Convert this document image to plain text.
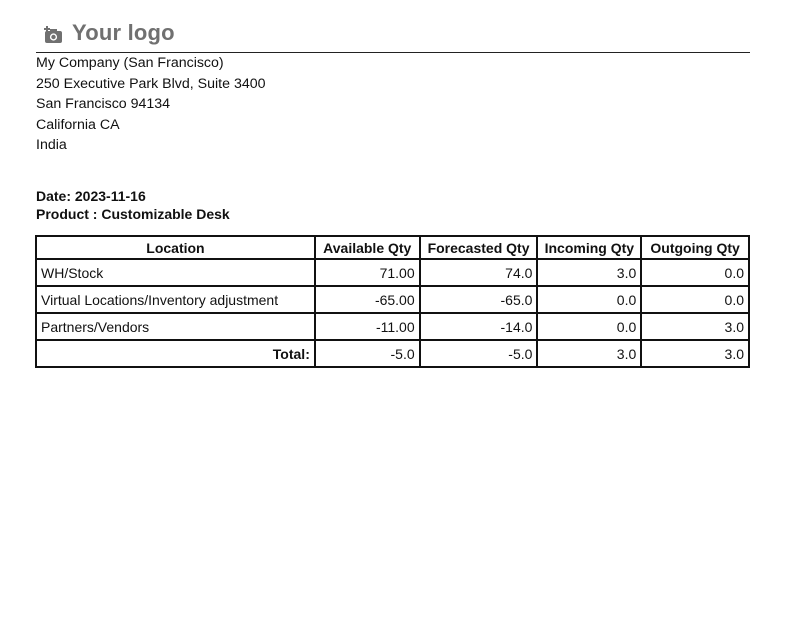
Your logo
My Company (San Francisco)
250 Executive Park Blvd, Suite 3400
San Francisco 94134
California CA
India
Date: 2023-11-16
Product : Customizable Desk
Location	Available Qty	Forecasted Qty	Incoming Qty	Outgoing Qty
WH/Stock	71.00	74.0	3.0	0.0
Virtual Locations/Inventory adjustment	-65.00	-65.0	0.0	0.0
Partners/Vendors	-11.00	-14.0	0.0	3.0
Total:	-5.0	-5.0	3.0	3.0
